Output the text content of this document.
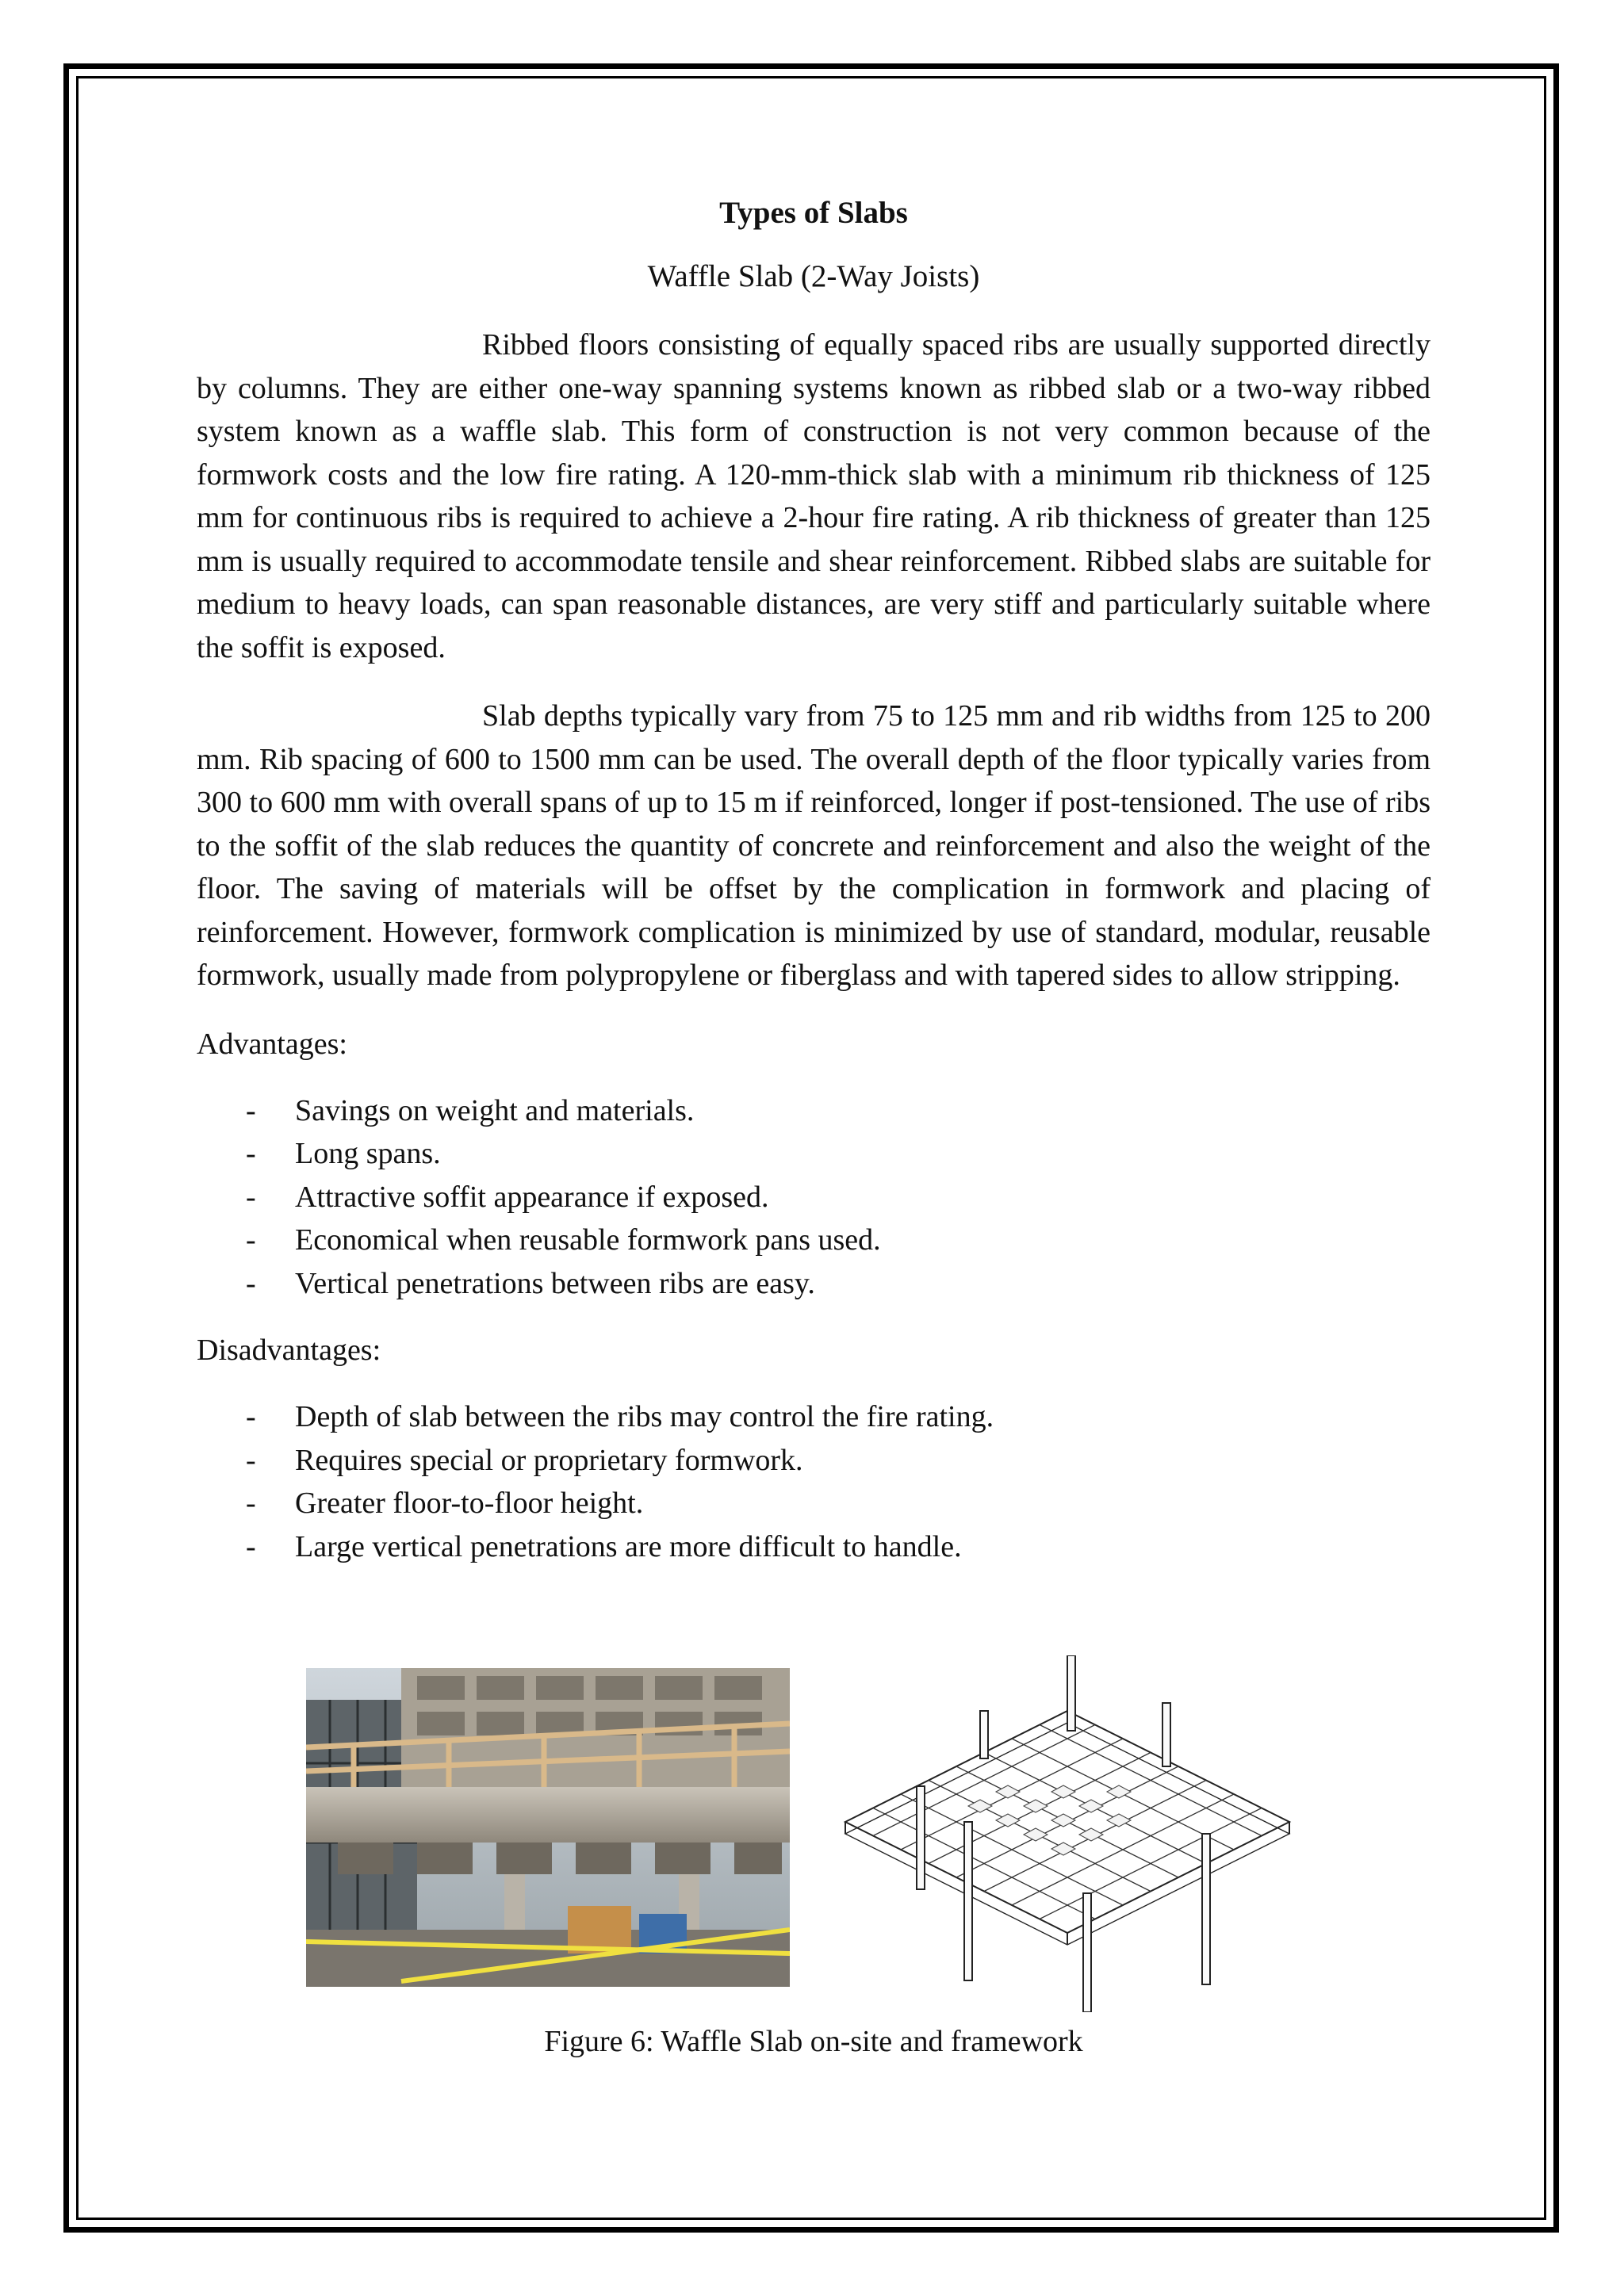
Types of Slabs
Waffle Slab (2-Way Joists)

Ribbed floors consisting of equally spaced ribs are usually supported directly by columns. They are either one-way spanning systems known as ribbed slab or a two-way ribbed system known as a waffle slab. This form of construction is not very common because of the formwork costs and the low fire rating. A 120-mm-thick slab with a minimum rib thickness of 125 mm for continuous ribs is required to achieve a 2-hour fire rating. A rib thickness of greater than 125 mm is usually required to accommodate tensile and shear reinforcement. Ribbed slabs are suitable for medium to heavy loads, can span reasonable distances, are very stiff and particularly suitable where the soffit is exposed.

Slab depths typically vary from 75 to 125 mm and rib widths from 125 to 200 mm. Rib spacing of 600 to 1500 mm can be used. The overall depth of the floor typically varies from 300 to 600 mm with overall spans of up to 15 m if reinforced, longer if post-tensioned. The use of ribs to the soffit of the slab reduces the quantity of concrete and reinforcement and also the weight of the floor. The saving of materials will be offset by the complication in formwork and placing of reinforcement. However, formwork complication is minimized by use of standard, modular, reusable formwork, usually made from polypropylene or fiberglass and with tapered sides to allow stripping.

Advantages:
- Savings on weight and materials.
- Long spans.
- Attractive soffit appearance if exposed.
- Economical when reusable formwork pans used.
- Vertical penetrations between ribs are easy.
Disadvantages:
- Depth of slab between the ribs may control the fire rating.
- Requires special or proprietary formwork.
- Greater floor-to-floor height.
- Large vertical penetrations are more difficult to handle.
Figure 6: Waffle Slab on-site and framework
